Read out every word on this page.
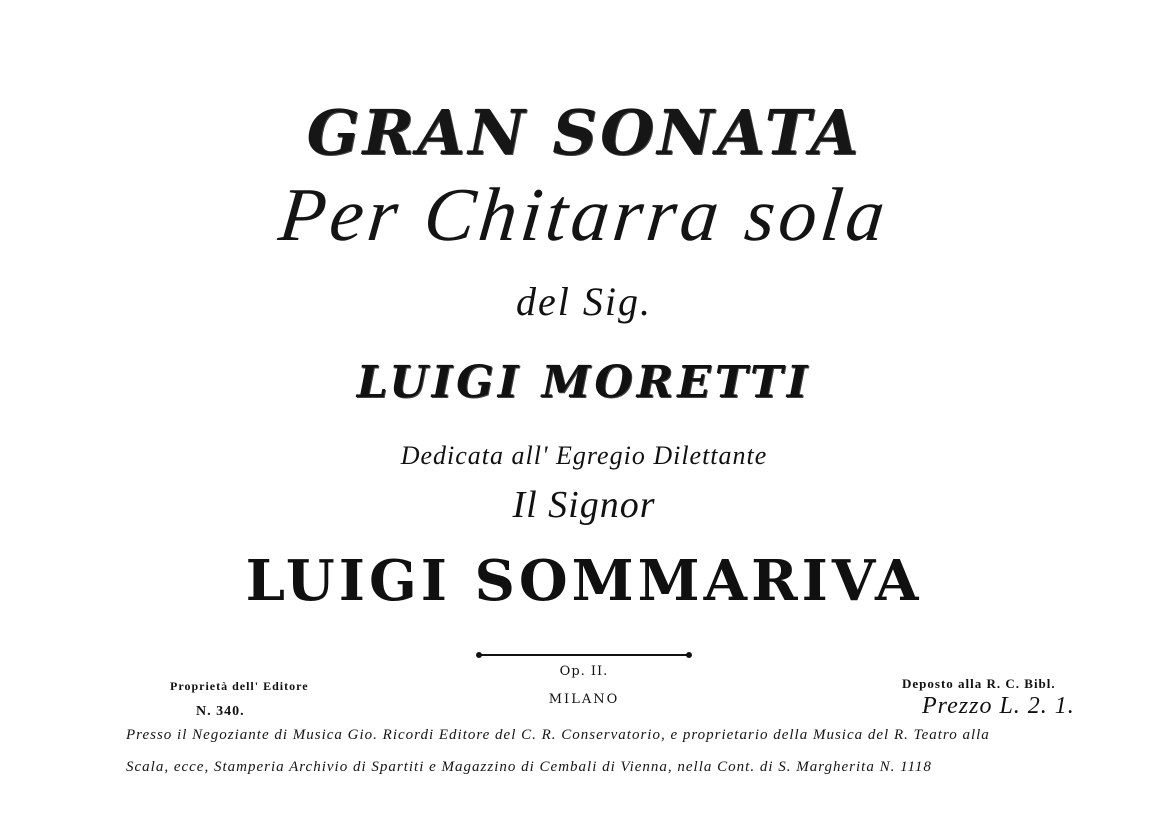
GRAN SONATA
Per Chitarra sola
del Sig.
LUIGI MORETTI
Dedicata all' Egregio Dilettante
Il Signor
LUIGI SOMMARIVA
Op. II.
MILANO
Proprietà dell' Editore
N. 340.
Deposto alla R. C. Bibl.
Prezzo L. 2. 1.
Presso il Negoziante di Musica Gio. Ricordi Editore del C. R. Conservatorio, e proprietario della Musica del R. Teatro alla
Scala, ecce, Stamperia Archivio di Spartiti e Magazzino di Cembali di Vienna, nella Cont. di S. Margherita N. 1118
